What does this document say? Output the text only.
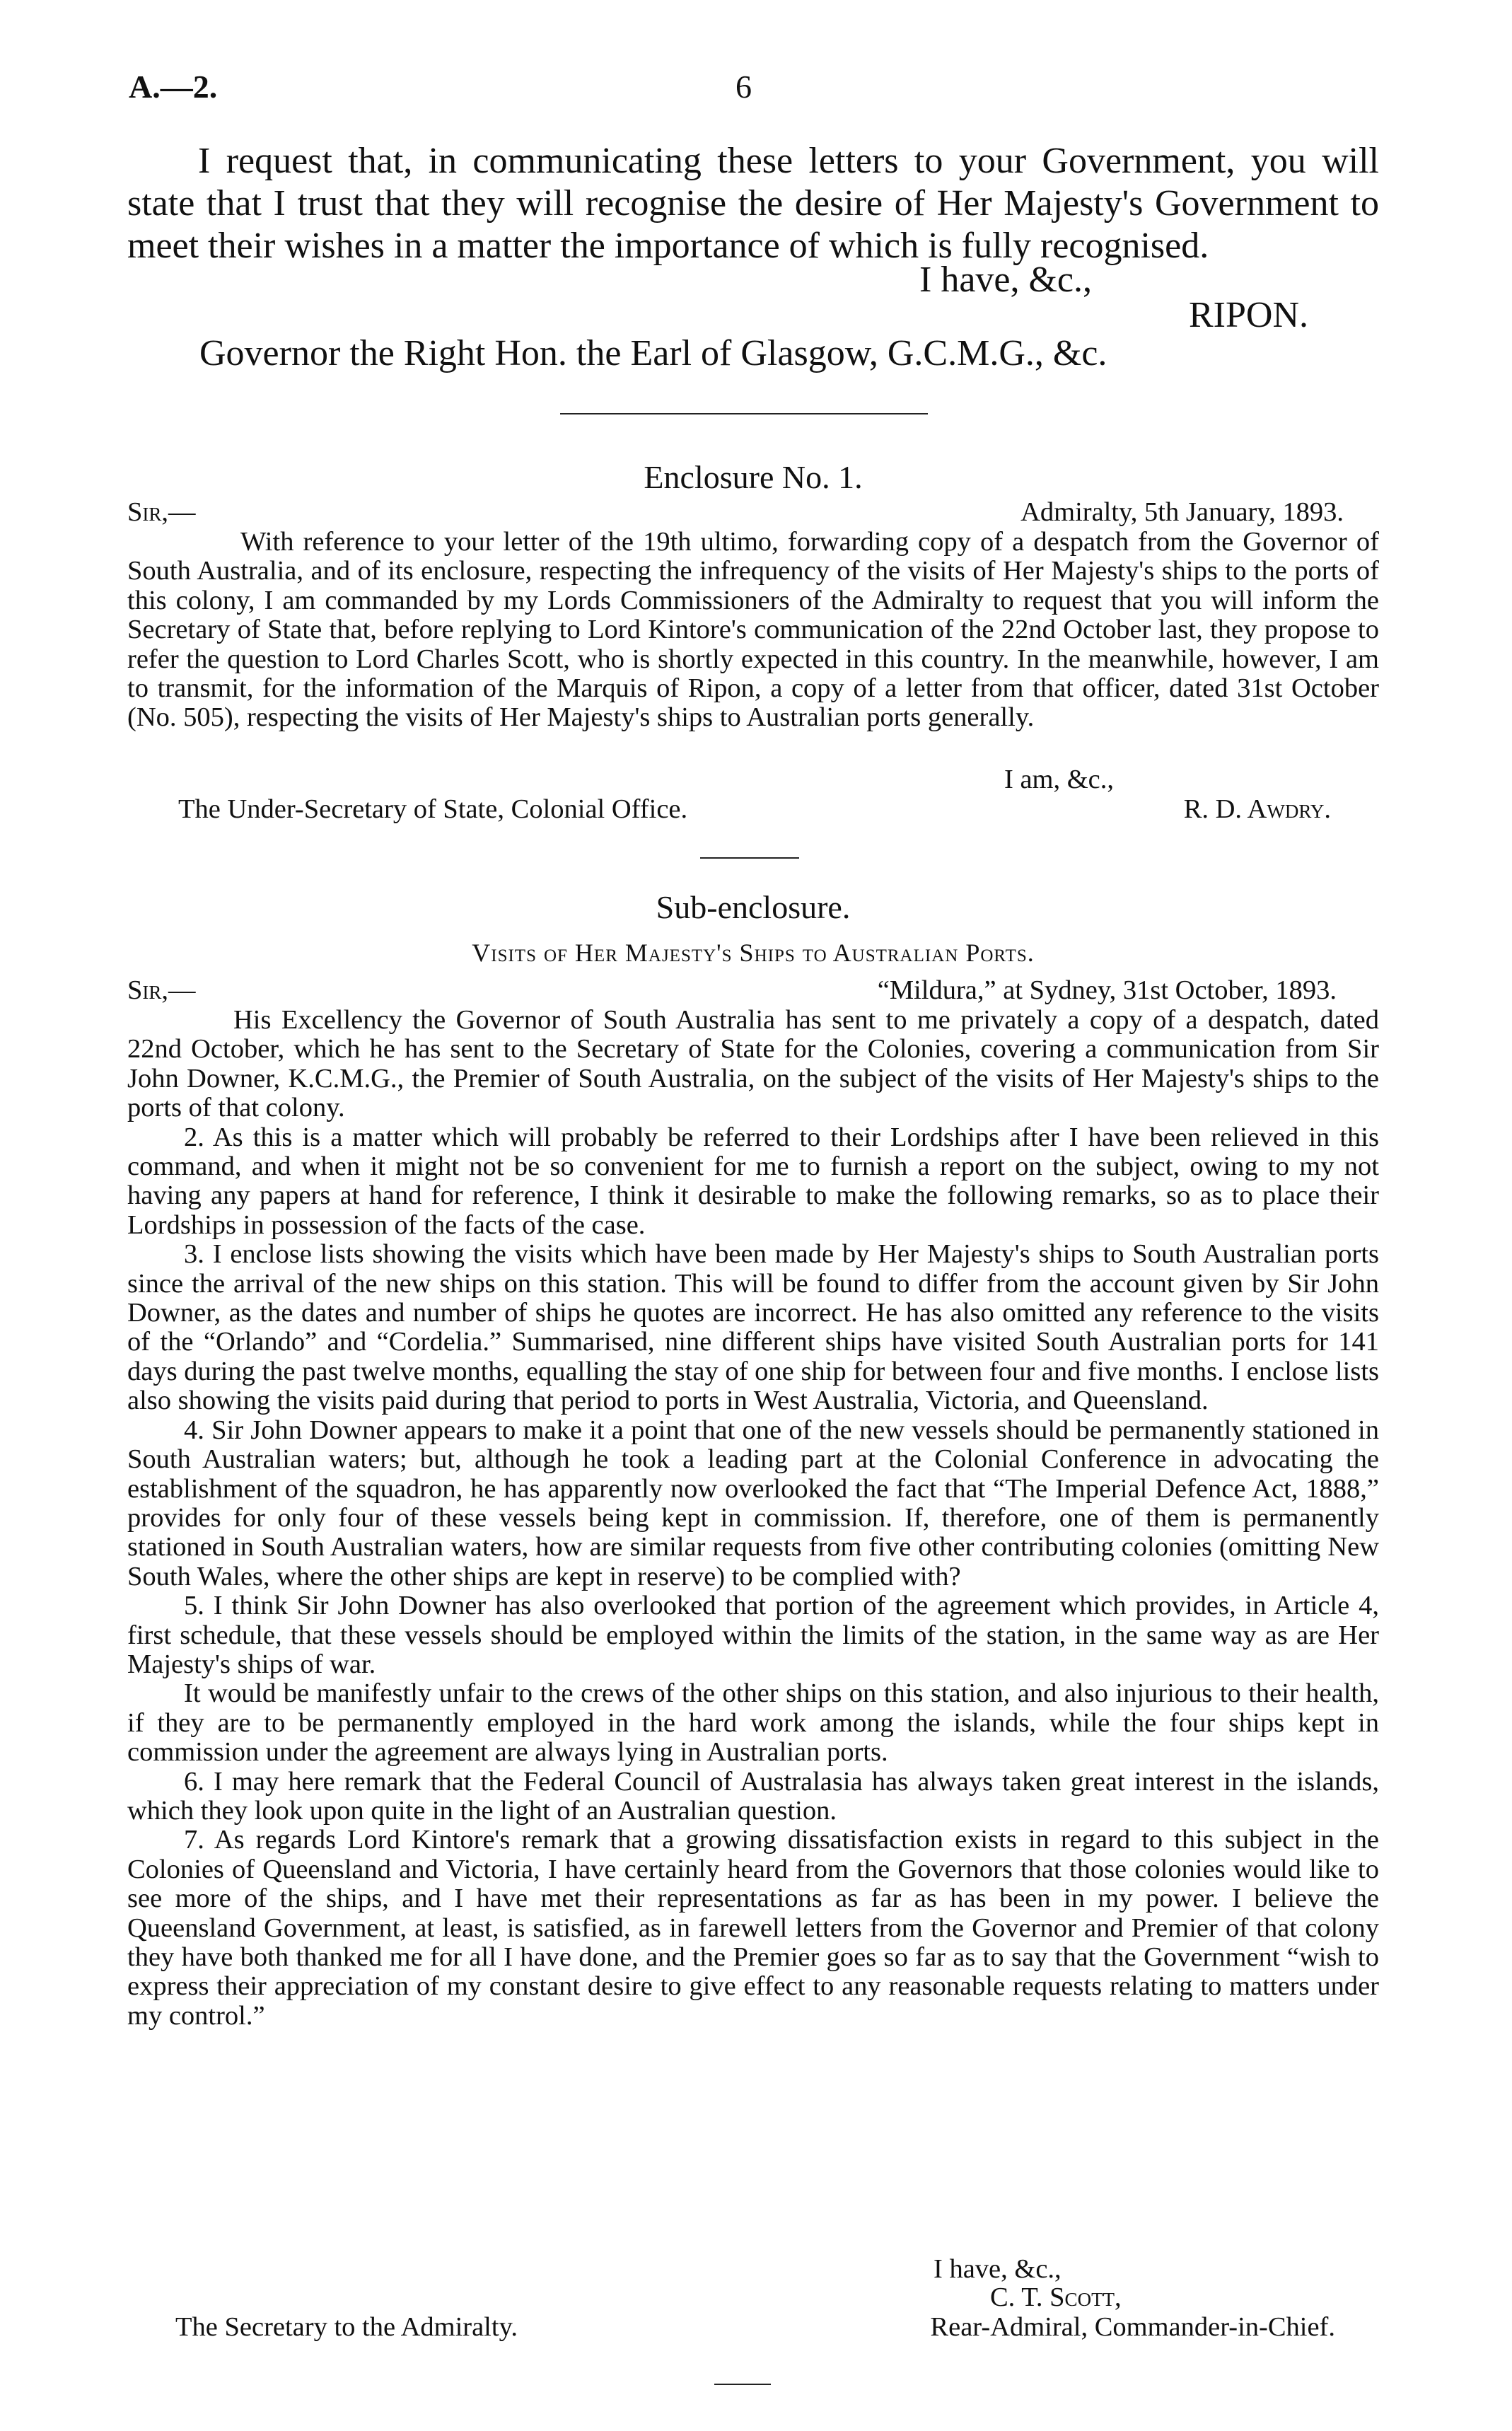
A.—2.	6

I request that, in communicating these letters to your Government, you will state that I trust that they will recognise the desire of Her Majesty's Government to meet their wishes in a matter the importance of which is fully recognised.

I have, &c.,
RIPON.
Governor the Right Hon. the Earl of Glasgow, G.C.M.G., &c.
Enclosure No. 1.
Sir,—	Admiralty, 5th January, 1893.

With reference to your letter of the 19th ultimo, forwarding copy of a despatch from the Governor of South Australia, and of its enclosure, respecting the infrequency of the visits of Her Majesty's ships to the ports of this colony, I am commanded by my Lords Commissioners of the Admiralty to request that you will inform the Secretary of State that, before replying to Lord Kintore's communication of the 22nd October last, they propose to refer the question to Lord Charles Scott, who is shortly expected in this country. In the meanwhile, however, I am to transmit, for the information of the Marquis of Ripon, a copy of a letter from that officer, dated 31st October (No. 505), respecting the visits of Her Majesty's ships to Australian ports generally.

I am, &c.,
The Under-Secretary of State, Colonial Office.	R. D. Awdry.
Sub-enclosure.
Visits of Her Majesty's Ships to Australian Ports.
Sir,—	“Mildura,” at Sydney, 31st October, 1893.

His Excellency the Governor of South Australia has sent to me privately a copy of a despatch, dated 22nd October, which he has sent to the Secretary of State for the Colonies, covering a communication from Sir John Downer, K.C.M.G., the Premier of South Australia, on the subject of the visits of Her Majesty's ships to the ports of that colony.

2. As this is a matter which will probably be referred to their Lordships after I have been relieved in this command, and when it might not be so convenient for me to furnish a report on the subject, owing to my not having any papers at hand for reference, I think it desirable to make the following remarks, so as to place their Lordships in possession of the facts of the case.

3. I enclose lists showing the visits which have been made by Her Majesty's ships to South Australian ports since the arrival of the new ships on this station. This will be found to differ from the account given by Sir John Downer, as the dates and number of ships he quotes are incorrect. He has also omitted any reference to the visits of the “Orlando” and “Cordelia.” Summarised, nine different ships have visited South Australian ports for 141 days during the past twelve months, equalling the stay of one ship for between four and five months. I enclose lists also showing the visits paid during that period to ports in West Australia, Victoria, and Queensland.

4. Sir John Downer appears to make it a point that one of the new vessels should be permanently stationed in South Australian waters; but, although he took a leading part at the Colonial Conference in advocating the establishment of the squadron, he has apparently now overlooked the fact that “The Imperial Defence Act, 1888,” provides for only four of these vessels being kept in commission. If, therefore, one of them is permanently stationed in South Australian waters, how are similar requests from five other contributing colonies (omitting New South Wales, where the other ships are kept in reserve) to be complied with?

5. I think Sir John Downer has also overlooked that portion of the agreement which provides, in Article 4, first schedule, that these vessels should be employed within the limits of the station, in the same way as are Her Majesty's ships of war.

It would be manifestly unfair to the crews of the other ships on this station, and also injurious to their health, if they are to be permanently employed in the hard work among the islands, while the four ships kept in commission under the agreement are always lying in Australian ports.

6. I may here remark that the Federal Council of Australasia has always taken great interest in the islands, which they look upon quite in the light of an Australian question.

7. As regards Lord Kintore's remark that a growing dissatisfaction exists in regard to this subject in the Colonies of Queensland and Victoria, I have certainly heard from the Governors that those colonies would like to see more of the ships, and I have met their representations as far as has been in my power. I believe the Queensland Government, at least, is satisfied, as in farewell letters from the Governor and Premier of that colony they have both thanked me for all I have done, and the Premier goes so far as to say that the Government “wish to express their appreciation of my constant desire to give effect to any reasonable requests relating to matters under my control.”

I have, &c.,
C. T. Scott,
The Secretary to the Admiralty.	Rear-Admiral, Commander-in-Chief.
